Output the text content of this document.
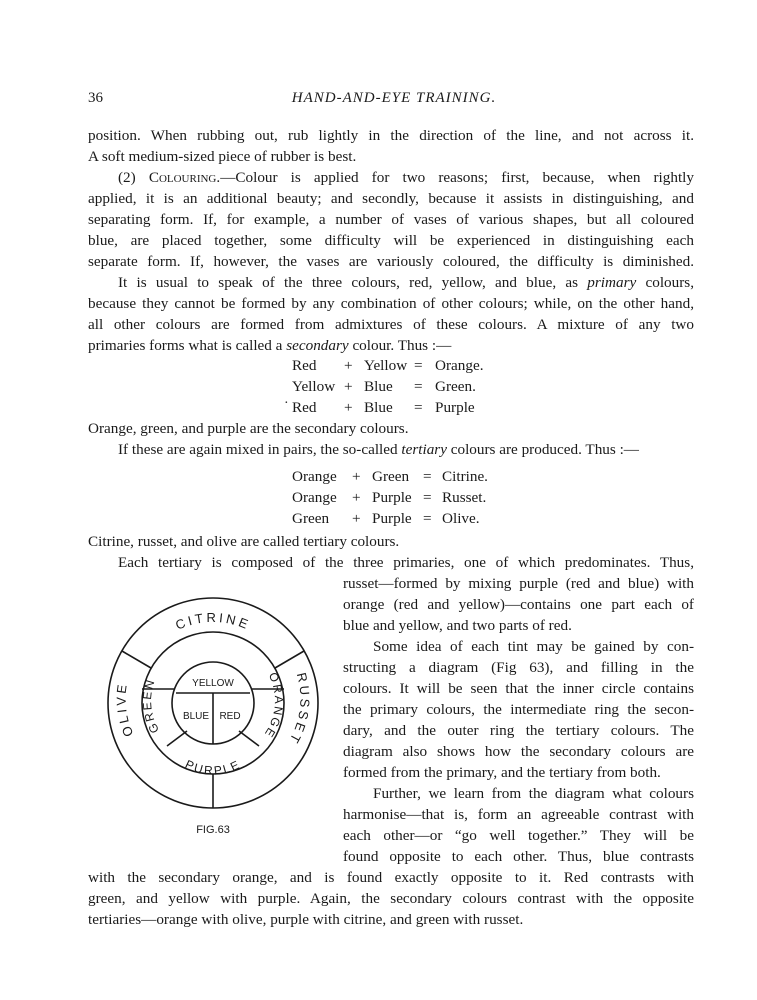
36	HAND-AND-EYE TRAINING.
position. When rubbing out, rub lightly in the direction of the line, and not across it.
A soft medium-sized piece of rubber is best.
(2) Colouring.—Colour is applied for two reasons; first, because, when rightly
applied, it is an additional beauty; and secondly, because it assists in distinguishing, and
separating form. If, for example, a number of vases of various shapes, but all coloured
blue, are placed together, some difficulty will be experienced in distinguishing each
separate form. If, however, the vases are variously coloured, the difficulty is diminished.
It is usual to speak of the three colours, red, yellow, and blue, as primary colours,
because they cannot be formed by any combination of other colours; while, on the other hand,
all other colours are formed from admixtures of these colours. A mixture of any two
primaries forms what is called a secondary colour. Thus :—
Red + Yellow = Orange.
Yellow + Blue = Green.
Red + Blue = Purple
·
Orange, green, and purple are the secondary colours.
If these are again mixed in pairs, the so-called tertiary colours are produced. Thus :—
Orange + Green = Citrine.
Orange + Purple = Russet.
Green + Purple = Olive.
Citrine, russet, and olive are called tertiary colours.
Each tertiary is composed of the three primaries, one of which predominates. Thus,
CITRINE
RUSSET
OLIVE
ORANGE
PURPLE
GREEN	YELLOW
RED
BLUE
FIG.63
russet—formed by mixing purple (red and blue) with
orange (red and yellow)—contains one part each of
blue and yellow, and two parts of red.
Some idea of each tint may be gained by con-
structing a diagram (Fig 63), and filling in the
colours. It will be seen that the inner circle contains
the primary colours, the intermediate ring the secon-
dary, and the outer ring the tertiary colours. The
diagram also shows how the secondary colours are
formed from the primary, and the tertiary from both.
Further, we learn from the diagram what colours
harmonise—that is, form an agreeable contrast with
each other—or “go well together.” They will be
found opposite to each other. Thus, blue contrasts
with the secondary orange, and is found exactly opposite to it. Red contrasts with
green, and yellow with purple. Again, the secondary colours contrast with the opposite
tertiaries—orange with olive, purple with citrine, and green with russet.
